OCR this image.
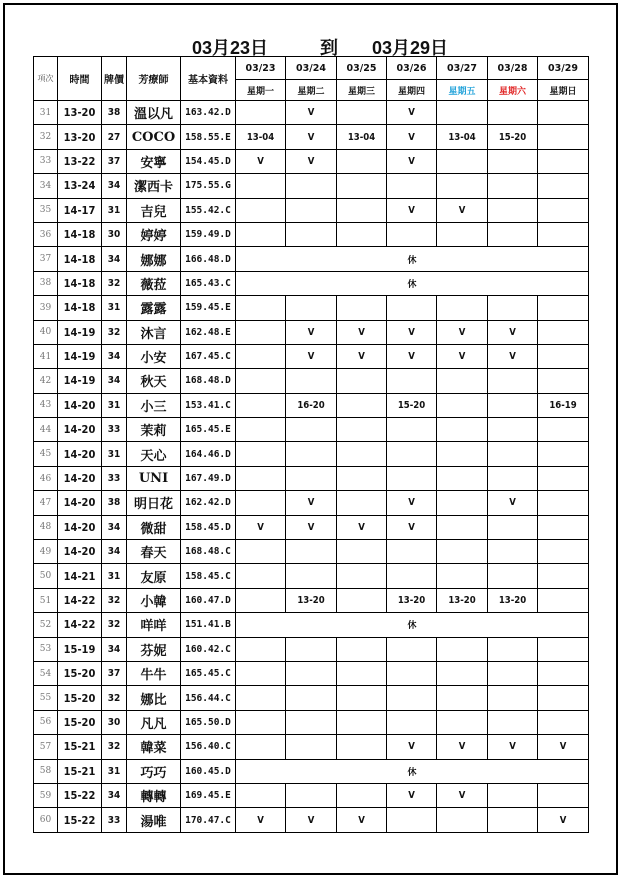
03月23日	到 03月29日
項次	時間	牌價	芳療師	基本資料	03/23	03/24	03/25	03/26	03/27	03/28	03/29
					星期一	星期二	星期三	星期四	星期五	星期六	星期日
31	13-20	38	溫以凡	163.42.D		V		V			
32	13-20	27	COCO	158.55.E	13-04	V	13-04	V	13-04	15-20	
33	13-22	37	安寧	154.45.D	V	V		V			
34	13-24	34	潔西卡	175.55.G							
35	14-17	31	吉兒	155.42.C				V	V		
36	14-18	30	婷婷	159.49.D							
37	14-18	34	娜娜	166.48.D	休						
38	14-18	32	薇菈	165.43.C	休						
39	14-18	31	露露	159.45.E							
40	14-19	32	沐言	162.48.E		V	V	V	V	V	
41	14-19	34	小安	167.45.C		V	V	V	V	V	
42	14-19	34	秋天	168.48.D							
43	14-20	31	小三	153.41.C		16-20		15-20			16-19
44	14-20	33	茉莉	165.45.E							
45	14-20	31	天心	164.46.D							
46	14-20	33	UNI	167.49.D							
47	14-20	38	明日花	162.42.D		V		V		V	
48	14-20	34	微甜	158.45.D	V	V	V	V			
49	14-20	34	春天	168.48.C							
50	14-21	31	友原	158.45.C							
51	14-22	32	小韓	160.47.D		13-20		13-20	13-20	13-20	
52	14-22	32	咩咩	151.41.B	休						
53	15-19	34	芬妮	160.42.C							
54	15-20	37	牛牛	165.45.C							
55	15-20	32	娜比	156.44.C							
56	15-20	30	凡凡	165.50.D							
57	15-21	32	韓菜	156.40.C				V	V	V	V
58	15-21	31	巧巧	160.45.D	休						
59	15-22	34	轉轉	169.45.E				V	V		
60	15-22	33	湯唯	170.47.C	V	V	V				V
